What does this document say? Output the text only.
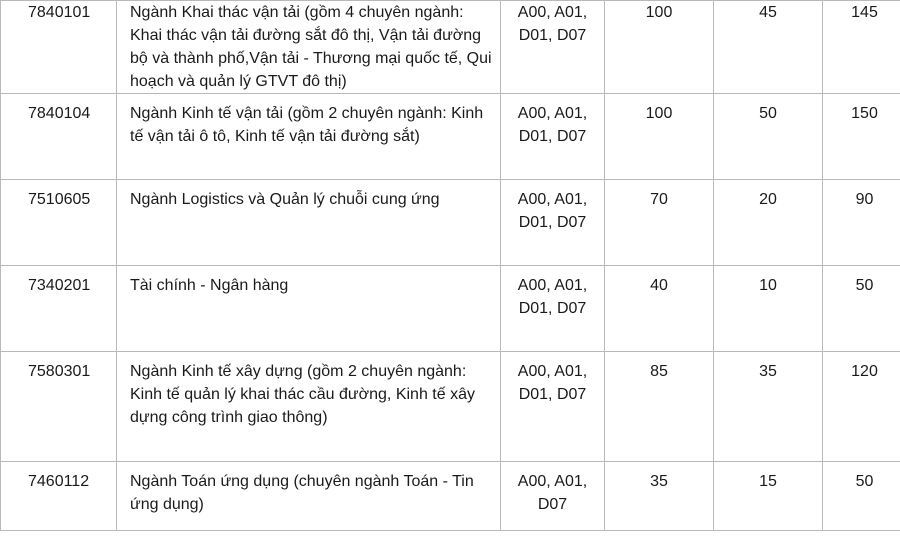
7840101	Ngành Khai thác vận tải (gồm 4 chuyên ngành: Khai thác vận tải đường sắt đô thị, Vận tải đường bộ và thành phố,Vận tải - Thương mại quốc tế, Qui hoạch và quản lý GTVT đô thị)	A00, A01,
D01, D07	100	45	145
7840104	Ngành Kinh tế vận tải (gồm 2 chuyên ngành: Kinh tế vận tải ô tô, Kinh tế vận tải đường sắt)	A00, A01,
D01, D07	100	50	150
7510605	Ngành Logistics và Quản lý chuỗi cung ứng	A00, A01,
D01, D07	70	20	90
7340201	Tài chính - Ngân hàng	A00, A01,
D01, D07	40	10	50
7580301	Ngành Kinh tế xây dựng (gồm 2 chuyên ngành: Kinh tế quản lý khai thác cầu đường, Kinh tế xây dựng công trình giao thông)	A00, A01,
D01, D07	85	35	120
7460112	Ngành Toán ứng dụng (chuyên ngành Toán - Tin ứng dụng)	A00, A01,
D07	35	15	50
